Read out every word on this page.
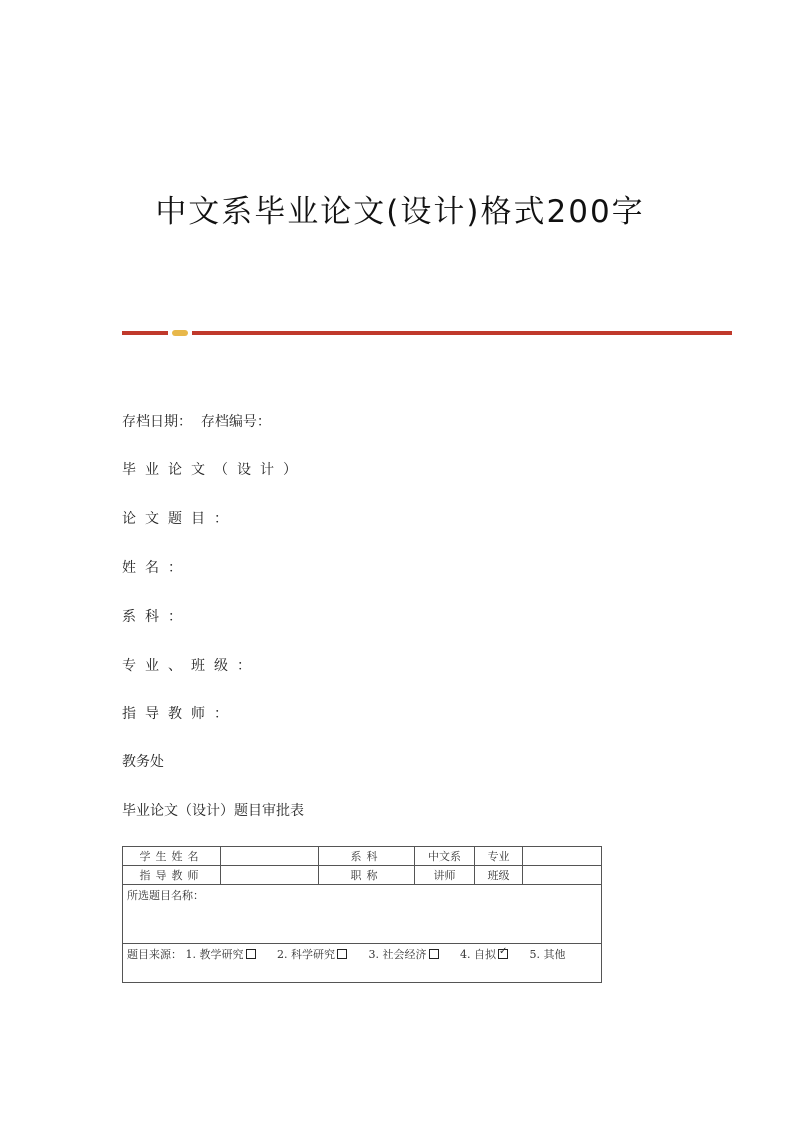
中文系毕业论文(设计)格式200字
存档日期：  存档编号：
毕业论文（设计）
论文题目：
姓名：
系科：
专业、班级：
指导教师：
教务处
毕业论文（设计）题目审批表
学生姓名		系科	中文系	专业	
指导教师		职称	讲师	班级	
所选题目名称：					
题目来源： 1. 教学研究 2. 科学研究 3. 社会经济 4. 自拟 ✓ 5. 其他
